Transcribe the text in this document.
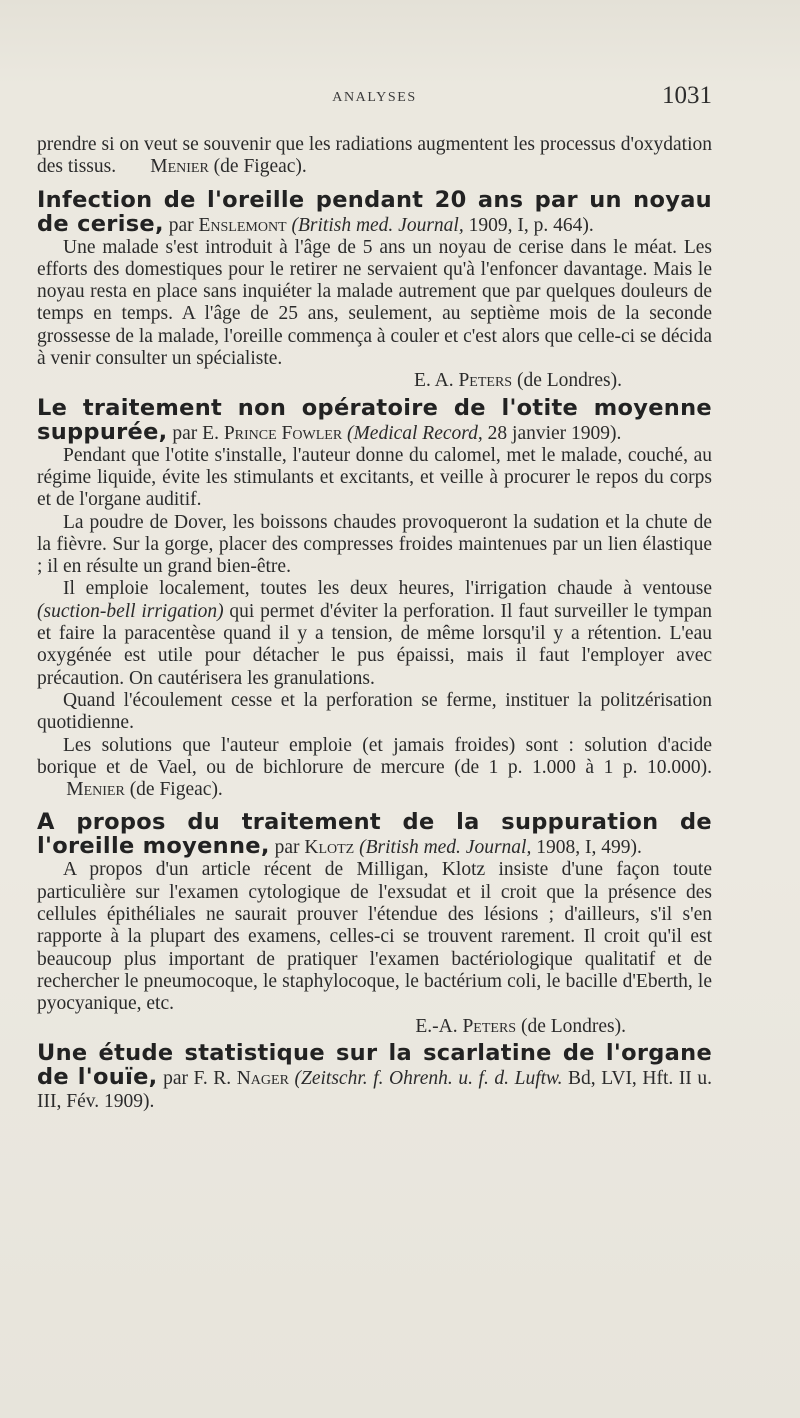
ANALYSES	1031

prendre si on veut se souvenir que les radiations augmentent les processus d'oxydation des tissus. Menier (de Figeac).

Infection de l'oreille pendant 20 ans par un noyau de cerise, par Enslemont (British med. Journal, 1909, I, p. 464).

Une malade s'est introduit à l'âge de 5 ans un noyau de cerise dans le méat. Les efforts des domestiques pour le retirer ne servaient qu'à l'enfoncer davantage. Mais le noyau resta en place sans inquiéter la malade autrement que par quelques douleurs de temps en temps. A l'âge de 25 ans, seulement, au septième mois de la seconde grossesse de la malade, l'oreille commença à couler et c'est alors que celle-ci se décida à venir consulter un spécialiste.

E. A. Peters (de Londres).

Le traitement non opératoire de l'otite moyenne suppurée, par E. Prince Fowler (Medical Record, 28 janvier 1909).

Pendant que l'otite s'installe, l'auteur donne du calomel, met le malade, couché, au régime liquide, évite les stimulants et excitants, et veille à procurer le repos du corps et de l'organe auditif.

La poudre de Dover, les boissons chaudes provoqueront la sudation et la chute de la fièvre. Sur la gorge, placer des compresses froides maintenues par un lien élastique ; il en résulte un grand bien-être.

Il emploie localement, toutes les deux heures, l'irrigation chaude à ventouse (suction-bell irrigation) qui permet d'éviter la perforation. Il faut surveiller le tympan et faire la paracentèse quand il y a tension, de même lorsqu'il y a rétention. L'eau oxygénée est utile pour détacher le pus épaissi, mais il faut l'employer avec précaution. On cautérisera les granulations.

Quand l'écoulement cesse et la perforation se ferme, instituer la politzérisation quotidienne.

Les solutions que l'auteur emploie (et jamais froides) sont : solution d'acide borique et de Vael, ou de bichlorure de mercure (de 1 p. 1.000 à 1 p. 10.000).       Menier (de Figeac).

A propos du traitement de la suppuration de l'oreille moyenne, par Klotz (British med. Journal, 1908, I, 499).

A propos d'un article récent de Milligan, Klotz insiste d'une façon toute particulière sur l'examen cytologique de l'exsudat et il croit que la présence des cellules épithéliales ne saurait prouver l'étendue des lésions ; d'ailleurs, s'il s'en rapporte à la plupart des examens, celles-ci se trouvent rarement. Il croit qu'il est beaucoup plus important de pratiquer l'examen bactériologique qualitatif et de rechercher le pneumocoque, le staphylocoque, le bactérium coli, le bacille d'Eberth, le pyocyanique, etc.

E.-A. Peters (de Londres).

Une étude statistique sur la scarlatine de l'organe de l'ouïe, par F. R. Nager (Zeitschr. f. Ohrenh. u. f. d. Luftw. Bd, LVI, Hft. II u. III, Fév. 1909).
